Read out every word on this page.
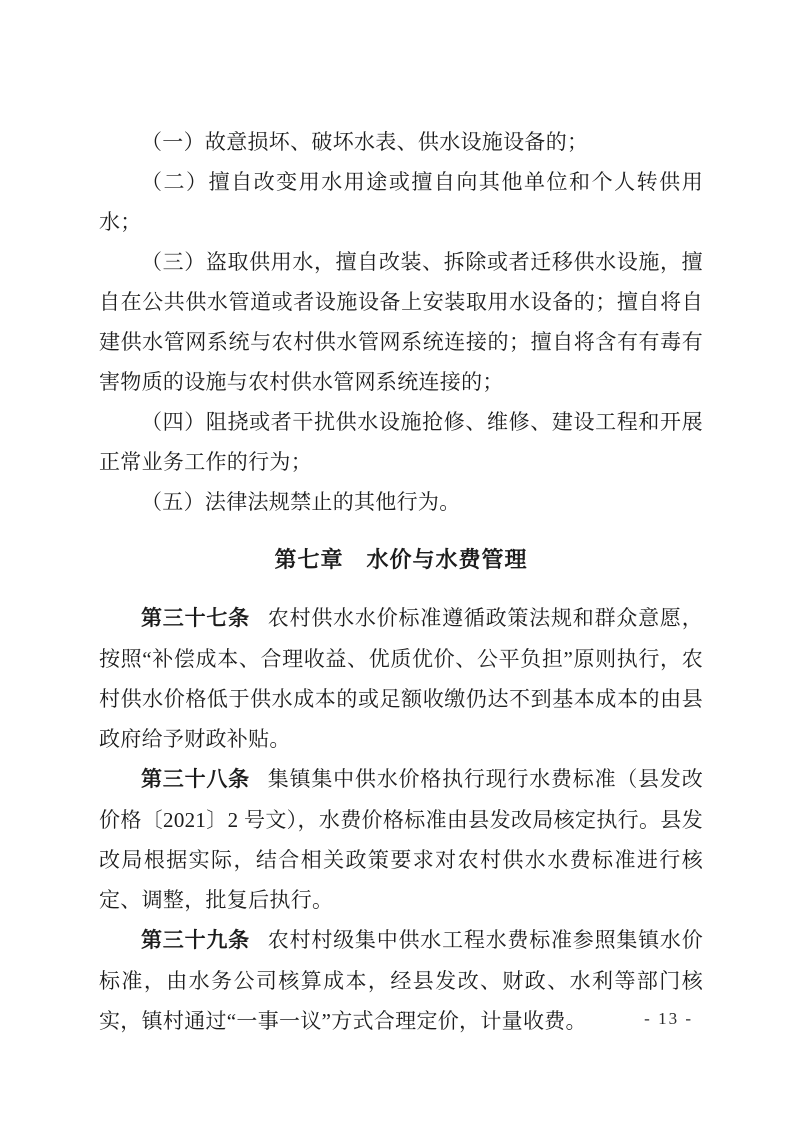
（一）故意损坏、破坏水表、供水设施设备的；

（二）擅自改变用水用途或擅自向其他单位和个人转供用水；

（三）盗取供用水，擅自改装、拆除或者迁移供水设施，擅自在公共供水管道或者设施设备上安装取用水设备的；擅自将自建供水管网系统与农村供水管网系统连接的；擅自将含有有毒有害物质的设施与农村供水管网系统连接的；

（四）阻挠或者干扰供水设施抢修、维修、建设工程和开展正常业务工作的行为；

（五）法律法规禁止的其他行为。

第七章　水价与水费管理

第三十七条 农村供水水价标准遵循政策法规和群众意愿，按照“补偿成本、合理收益、优质优价、公平负担”原则执行，农村供水价格低于供水成本的或足额收缴仍达不到基本成本的由县政府给予财政补贴。

第三十八条 集镇集中供水价格执行现行水费标准（县发改价格〔2021〕2 号文），水费价格标准由县发改局核定执行。县发改局根据实际，结合相关政策要求对农村供水水费标准进行核定、调整，批复后执行。

第三十九条 农村村级集中供水工程水费标准参照集镇水价标准，由水务公司核算成本，经县发改、财政、水利等部门核实，镇村通过“一事一议”方式合理定价，计量收费。	- 13 -
